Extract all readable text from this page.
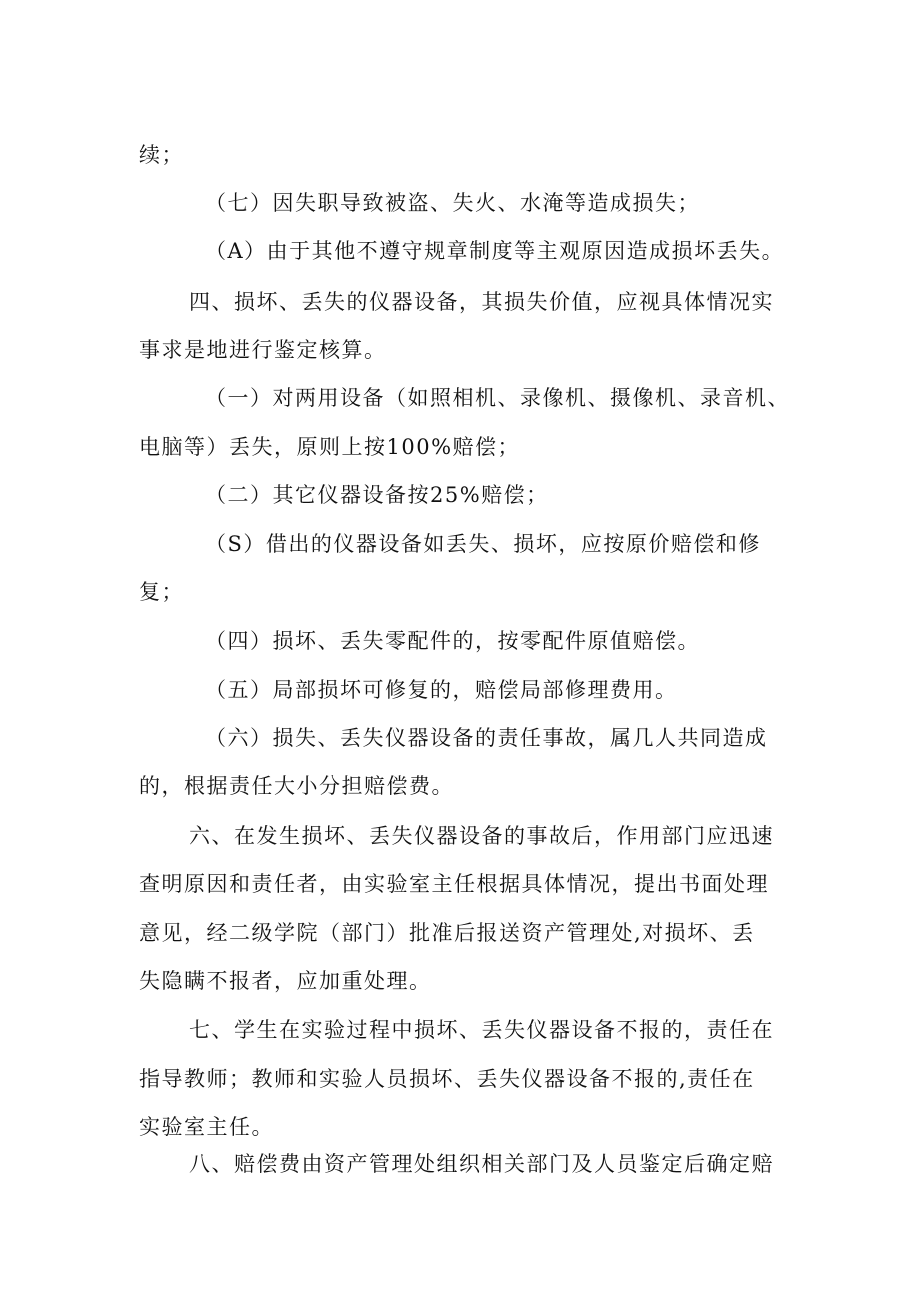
续；
（七）因失职导致被盗、失火、水淹等造成损失；
（A）由于其他不遵守规章制度等主观原因造成损坏丢失。
四、损坏、丢失的仪器设备，其损失价值，应视具体情况实
事求是地进行鉴定核算。
（一）对两用设备（如照相机、录像机、摄像机、录音机、
电脑等）丢失，原则上按100%赔偿；
（二）其它仪器设备按25%赔偿；
（S）借出的仪器设备如丢失、损坏，应按原价赔偿和修
复；
（四）损坏、丢失零配件的，按零配件原值赔偿。
（五）局部损坏可修复的，赔偿局部修理费用。
（六）损失、丢失仪器设备的责任事故，属几人共同造成
的，根据责任大小分担赔偿费。
六、在发生损坏、丢失仪器设备的事故后，作用部门应迅速
查明原因和责任者，由实验室主任根据具体情况，提出书面处理
意见，经二级学院（部门）批准后报送资产管理处,对损坏、丢
失隐瞒不报者，应加重处理。
七、学生在实验过程中损坏、丢失仪器设备不报的，责任在
指导教师；教师和实验人员损坏、丢失仪器设备不报的,责任在
实验室主任。
八、赔偿费由资产管理处组织相关部门及人员鉴定后确定赔
